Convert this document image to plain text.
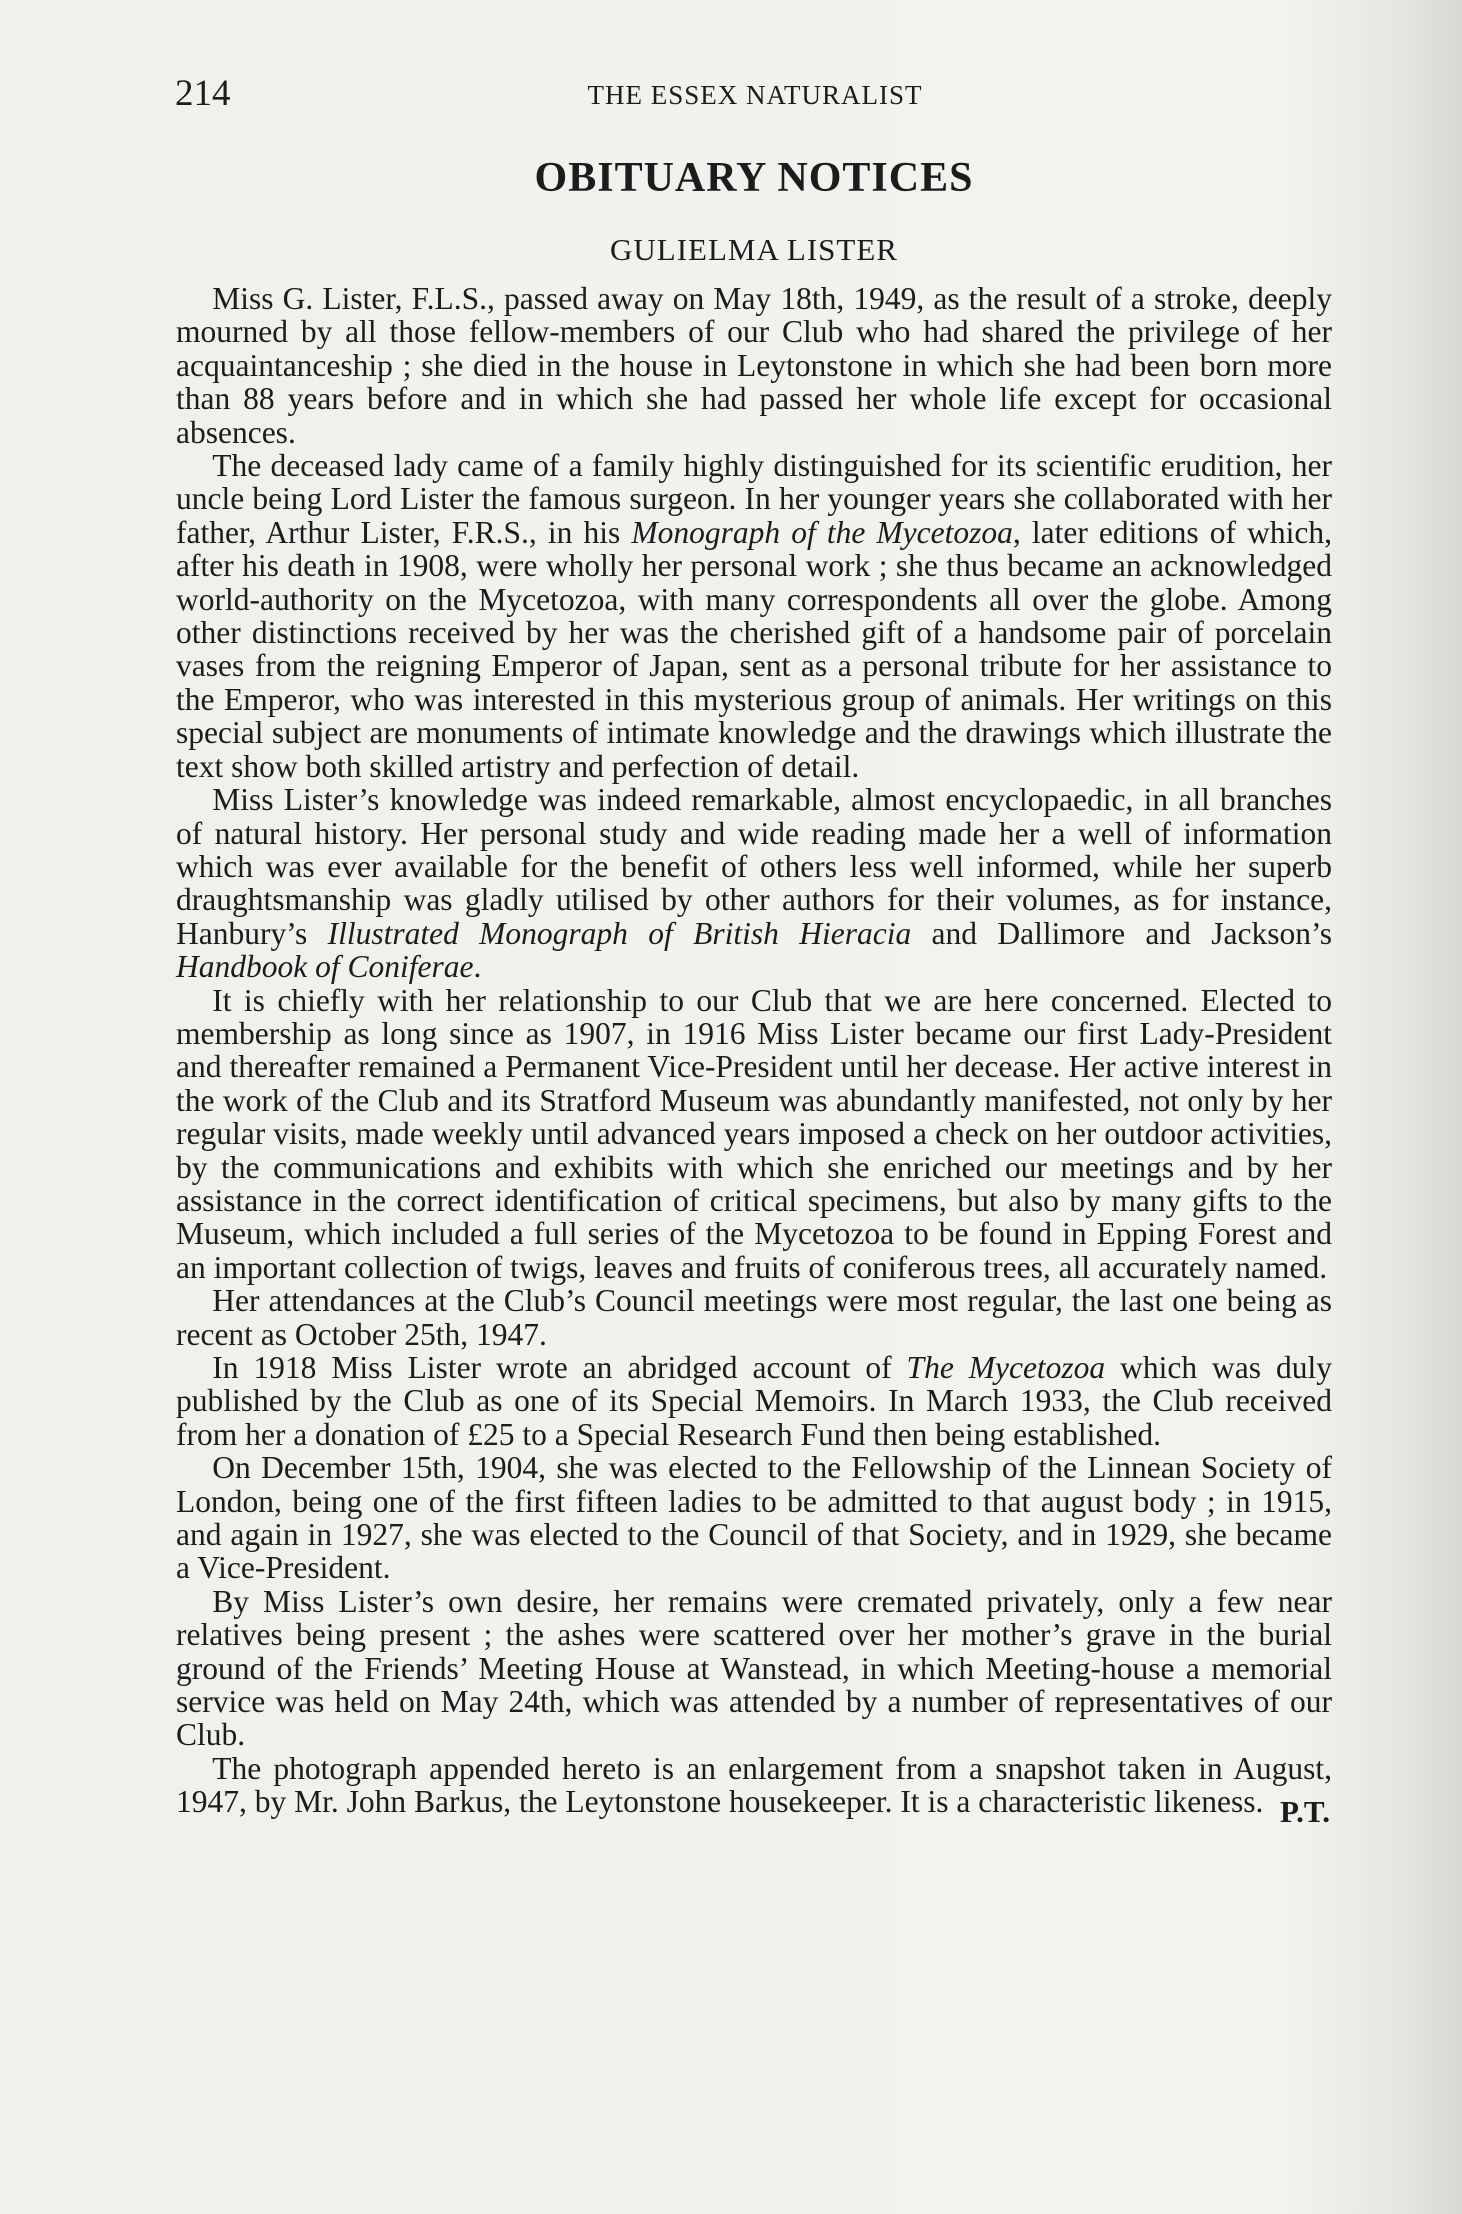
214	THE ESSEX NATURALIST
OBITUARY NOTICES
GULIELMA LISTER

Miss G. Lister, F.L.S., passed away on May 18th, 1949, as the result of a stroke, deeply mourned by all those fellow-members of our Club who had shared the privilege of her acquaintanceship ; she died in the house in Leytonstone in which she had been born more than 88 years before and in which she had passed her whole life except for occasional absences.

The deceased lady came of a family highly distinguished for its scientific erudition, her uncle being Lord Lister the famous surgeon. In her younger years she collaborated with her father, Arthur Lister, F.R.S., in his Monograph of the Mycetozoa, later editions of which, after his death in 1908, were wholly her personal work ; she thus became an acknowledged world-authority on the Mycetozoa, with many correspondents all over the globe. Among other distinctions received by her was the cherished gift of a handsome pair of porcelain vases from the reigning Emperor of Japan, sent as a personal tribute for her assistance to the Emperor, who was interested in this mysterious group of animals. Her writings on this special subject are monuments of intimate knowledge and the drawings which illustrate the text show both skilled artistry and perfection of detail.

Miss Lister’s knowledge was indeed remarkable, almost encyclopaedic, in all branches of natural history. Her personal study and wide reading made her a well of information which was ever available for the benefit of others less well informed, while her superb draughtsmanship was gladly utilised by other authors for their volumes, as for instance, Hanbury’s Illustrated Monograph of British Hieracia and Dallimore and Jackson’s Handbook of Coniferae.

It is chiefly with her relationship to our Club that we are here concerned. Elected to membership as long since as 1907, in 1916 Miss Lister became our first Lady-President and thereafter remained a Permanent Vice-President until her decease. Her active interest in the work of the Club and its Stratford Museum was abundantly manifested, not only by her regular visits, made weekly until advanced years imposed a check on her outdoor activities, by the communications and exhibits with which she enriched our meetings and by her assistance in the correct identification of critical specimens, but also by many gifts to the Museum, which included a full series of the Mycetozoa to be found in Epping Forest and an important collection of twigs, leaves and fruits of coniferous trees, all accurately named.

Her attendances at the Club’s Council meetings were most regular, the last one being as recent as October 25th, 1947.

In 1918 Miss Lister wrote an abridged account of The Mycetozoa which was duly published by the Club as one of its Special Memoirs. In March 1933, the Club received from her a donation of £25 to a Special Research Fund then being established.

On December 15th, 1904, she was elected to the Fellowship of the Linnean Society of London, being one of the first fifteen ladies to be admitted to that august body ; in 1915, and again in 1927, she was elected to the Council of that Society, and in 1929, she became a Vice-President.

By Miss Lister’s own desire, her remains were cremated privately, only a few near relatives being present ; the ashes were scattered over her mother’s grave in the burial ground of the Friends’ Meeting House at Wanstead, in which Meeting-house a memorial service was held on May 24th, which was attended by a number of representatives of our Club.

The photograph appended hereto is an enlargement from a snapshot taken in August, 1947, by Mr. John Barkus, the Leytonstone housekeeper. It is a characteristic likeness. P.T.
